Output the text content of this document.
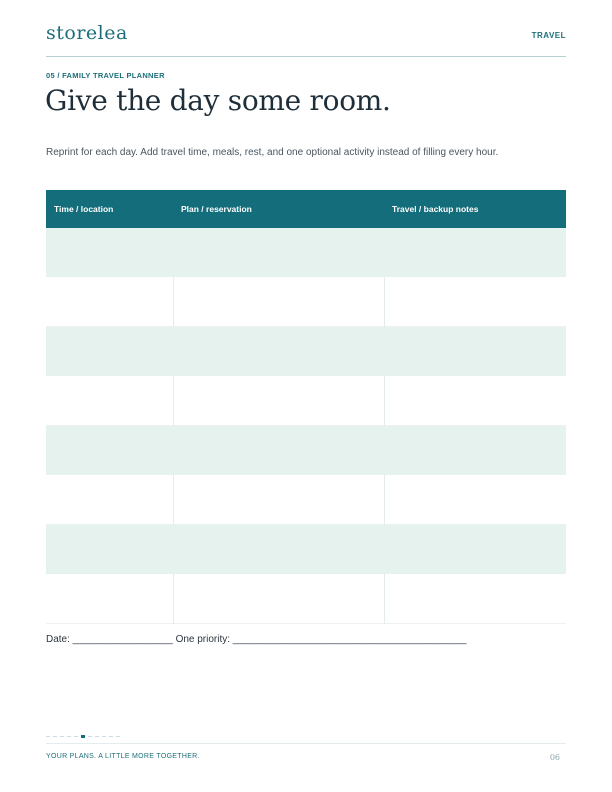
storelea	TRAVEL
05 / FAMILY TRAVEL PLANNER
Give the day some room.

Reprint for each day. Add travel time, meals, rest, and one optional activity instead of filling every hour.

Time / location	Plan / reservation	Travel / backup notes

Date: __________________ One priority: __________________________________________

YOUR PLANS. A LITTLE MORE TOGETHER.	06
